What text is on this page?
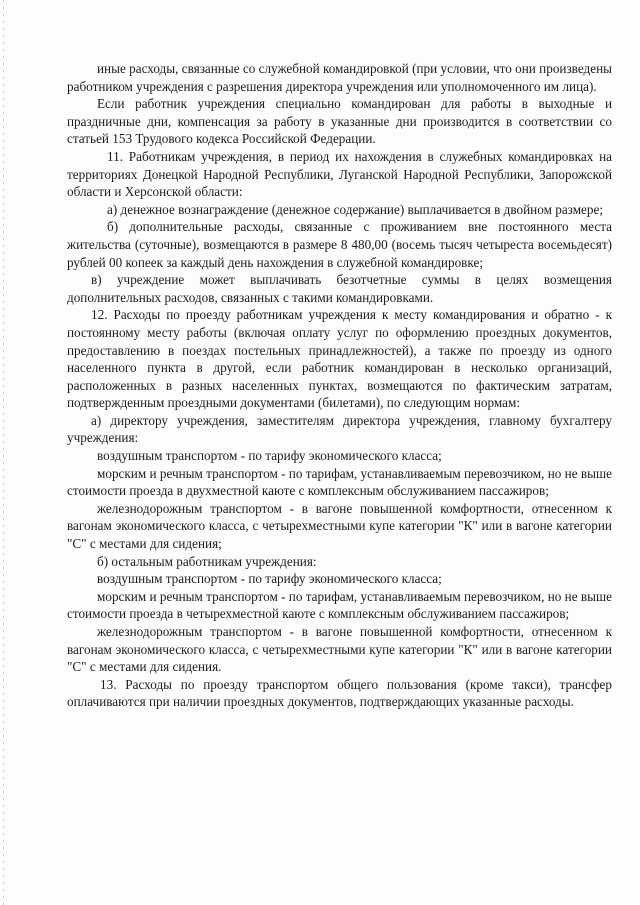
иные расходы, связанные со служебной командировкой (при условии, что они произведены работником учреждения с разрешения директора учреждения или уполномоченного им лица).

Если работник учреждения специально командирован для работы в выходные и праздничные дни, компенсация за работу в указанные дни производится в соответствии со статьей 153 Трудового кодекса Российской Федерации.

11. Работникам учреждения, в период их нахождения в служебных командировках на территориях Донецкой Народной Республики, Луганской Народной Республики, Запорожской области и Херсонской области:

а) денежное вознаграждение (денежное содержание) выплачивается в двойном размере;

б) дополнительные расходы, связанные с проживанием вне постоянного места жительства (суточные), возмещаются в размере 8 480,00 (восемь тысяч четыреста восемьдесят) рублей 00 копеек за каждый день нахождения в служебной командировке;

в) учреждение может выплачивать безотчетные суммы в целях возмещения дополнительных расходов, связанных с такими командировками.

12. Расходы по проезду работникам учреждения к месту командирования и обратно - к постоянному месту работы (включая оплату услуг по оформлению проездных документов, предоставлению в поездах постельных принадлежностей), а также по проезду из одного населенного пункта в другой, если работник командирован в несколько организаций, расположенных в разных населенных пунктах, возмещаются по фактическим затратам, подтвержденным проездными документами (билетами), по следующим нормам:

а) директору учреждения, заместителям директора учреждения, главному бухгалтеру учреждения:

воздушным транспортом - по тарифу экономического класса;

морским и речным транспортом - по тарифам, устанавливаемым перевозчиком, но не выше стоимости проезда в двухместной каюте с комплексным обслуживанием пассажиров;

железнодорожным транспортом - в вагоне повышенной комфортности, отнесенном к вагонам экономического класса, с четырехместными купе категории "К" или в вагоне категории "С" с местами для сидения;

б) остальным работникам учреждения:

воздушным транспортом - по тарифу экономического класса;

морским и речным транспортом - по тарифам, устанавливаемым перевозчиком, но не выше стоимости проезда в четырехместной каюте с комплексным обслуживанием пассажиров;

железнодорожным транспортом - в вагоне повышенной комфортности, отнесенном к вагонам экономического класса, с четырехместными купе категории "К" или в вагоне категории "С" с местами для сидения.

13. Расходы по проезду транспортом общего пользования (кроме такси), трансфер оплачиваются при наличии проездных документов, подтверждающих указанные расходы.
